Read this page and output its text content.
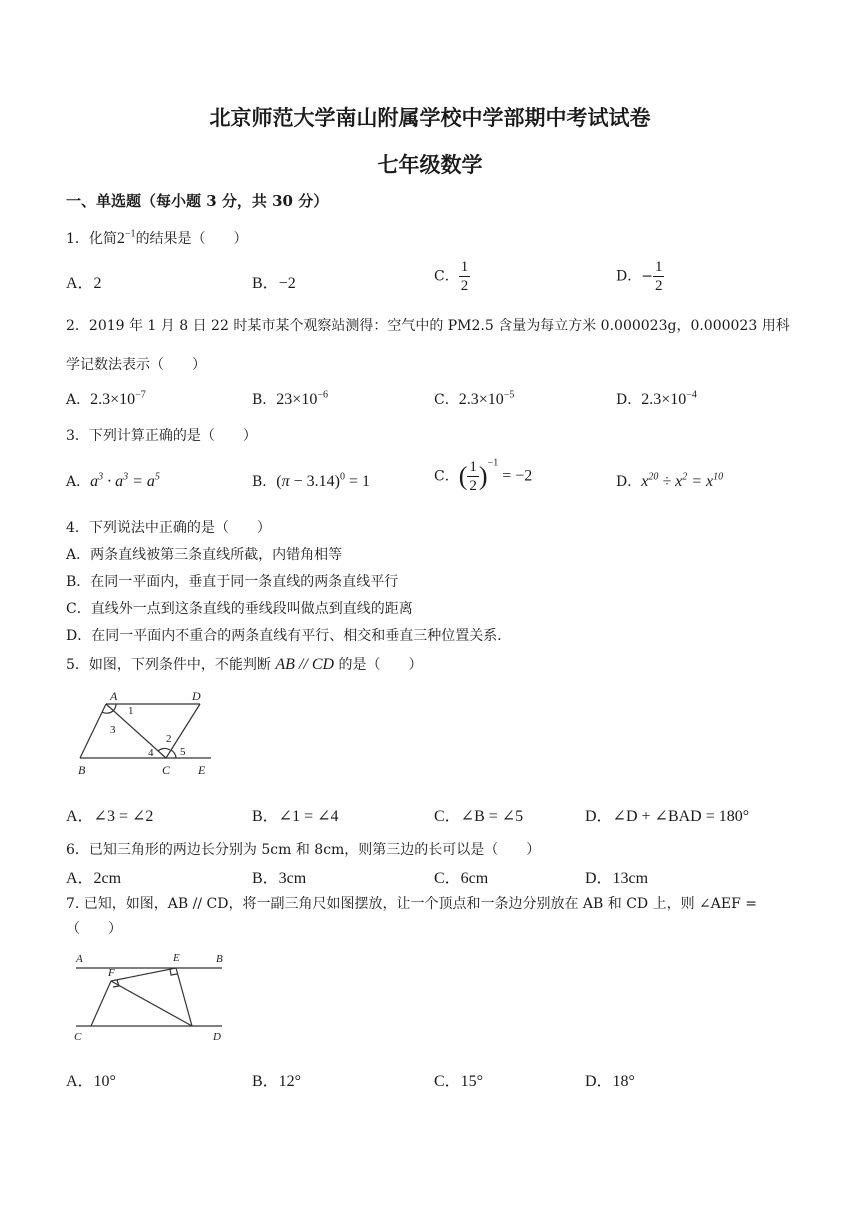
北京师范大学南山附属学校中学部期中考试试卷
七年级数学
一、单选题（每小题 3 分，共 30 分）
1．化简$2^{-1}$的结果是（　　）
A．2	B．−2	C． $\frac{1}{2}$	D．− $\frac{1}{2}$
2．2019 年 1 月 8 日 22 时某市某个观察站测得：空气中的 PM2.5 含量为每立方米 0.000023g，0.000023 用科
学记数法表示（　　）
A．$2.3\times 10^{-7}$	B．$23\times 10^{-6}$	C．$2.3\times 10^{-5}$	D．$2.3\times 10^{-4}$
3．下列计算正确的是（　　）
A．$a^3 \cdot a^3 = a^5$	B．$(\pi - 3.14)^0 = 1$	C．( $\frac{1}{2} )^{-1} = -2$	D．$x^{20} \div x^2 = x^{10}$
4．下列说法中正确的是（　　）
A．两条直线被第三条直线所截，内错角相等
B．在同一平面内，垂直于同一条直线的两条直线平行
C．直线外一点到这条直线的垂线段叫做点到直线的距离
D．在同一平面内不重合的两条直线有平行、相交和垂直三种位置关系．
5．如图，下列条件中，不能判断 AB // CD 的是（　　）
A	D
B	C E
1
2
3
4 5
A．∠3 = ∠2	B．∠1 = ∠4	C．∠B = ∠5	D．∠D + ∠BAD = 180°
6．已知三角形的两边长分别为 5cm 和 8cm，则第三边的长可以是（　　）
A．2cm	B．3cm	C．6cm	D．13cm
7. 已知，如图，AB // CD，将一副三角尺如图摆放，让一个顶点和一条边分别放在 AB 和 CD 上，则 ∠AEF =
（　　）
A	E	B
F
C	D
A．10°	B．12°	C．15°	D．18°
